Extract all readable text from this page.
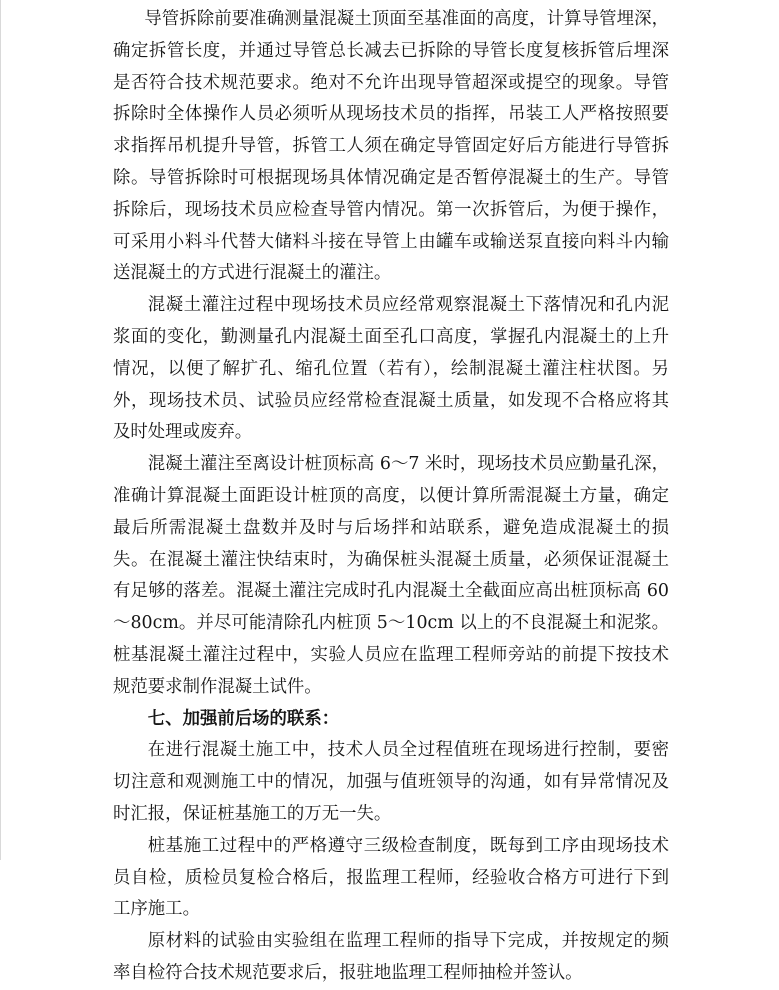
导管拆除前要准确测量混凝土顶面至基准面的高度，计算导管埋深，确定拆管长度，并通过导管总长减去已拆除的导管长度复核拆管后埋深是否符合技术规范要求。绝对不允许出现导管超深或提空的现象。导管拆除时全体操作人员必须听从现场技术员的指挥，吊装工人严格按照要求指挥吊机提升导管，拆管工人须在确定导管固定好后方能进行导管拆除。导管拆除时可根据现场具体情况确定是否暂停混凝土的生产。导管拆除后，现场技术员应检查导管内情况。第一次拆管后，为便于操作，可采用小料斗代替大储料斗接在导管上由罐车或输送泵直接向料斗内输送混凝土的方式进行混凝土的灌注。

混凝土灌注过程中现场技术员应经常观察混凝土下落情况和孔内泥浆面的变化，勤测量孔内混凝土面至孔口高度，掌握孔内混凝土的上升情况，以便了解扩孔、缩孔位置（若有），绘制混凝土灌注柱状图。另外，现场技术员、试验员应经常检查混凝土质量，如发现不合格应将其及时处理或废弃。

混凝土灌注至离设计桩顶标高 6～7 米时，现场技术员应勤量孔深，准确计算混凝土面距设计桩顶的高度，以便计算所需混凝土方量，确定最后所需混凝土盘数并及时与后场拌和站联系，避免造成混凝土的损失。在混凝土灌注快结束时，为确保桩头混凝土质量，必须保证混凝土有足够的落差。混凝土灌注完成时孔内混凝土全截面应高出桩顶标高 60～80cm。并尽可能清除孔内桩顶 5～10cm 以上的不良混凝土和泥浆。桩基混凝土灌注过程中，实验人员应在监理工程师旁站的前提下按技术规范要求制作混凝土试件。

七、加强前后场的联系：

在进行混凝土施工中，技术人员全过程值班在现场进行控制，要密切注意和观测施工中的情况，加强与值班领导的沟通，如有异常情况及时汇报，保证桩基施工的万无一失。

桩基施工过程中的严格遵守三级检查制度，既每到工序由现场技术员自检，质检员复检合格后，报监理工程师，经验收合格方可进行下到工序施工。

原材料的试验由实验组在监理工程师的指导下完成，并按规定的频率自检符合技术规范要求后，报驻地监理工程师抽检并签认。
